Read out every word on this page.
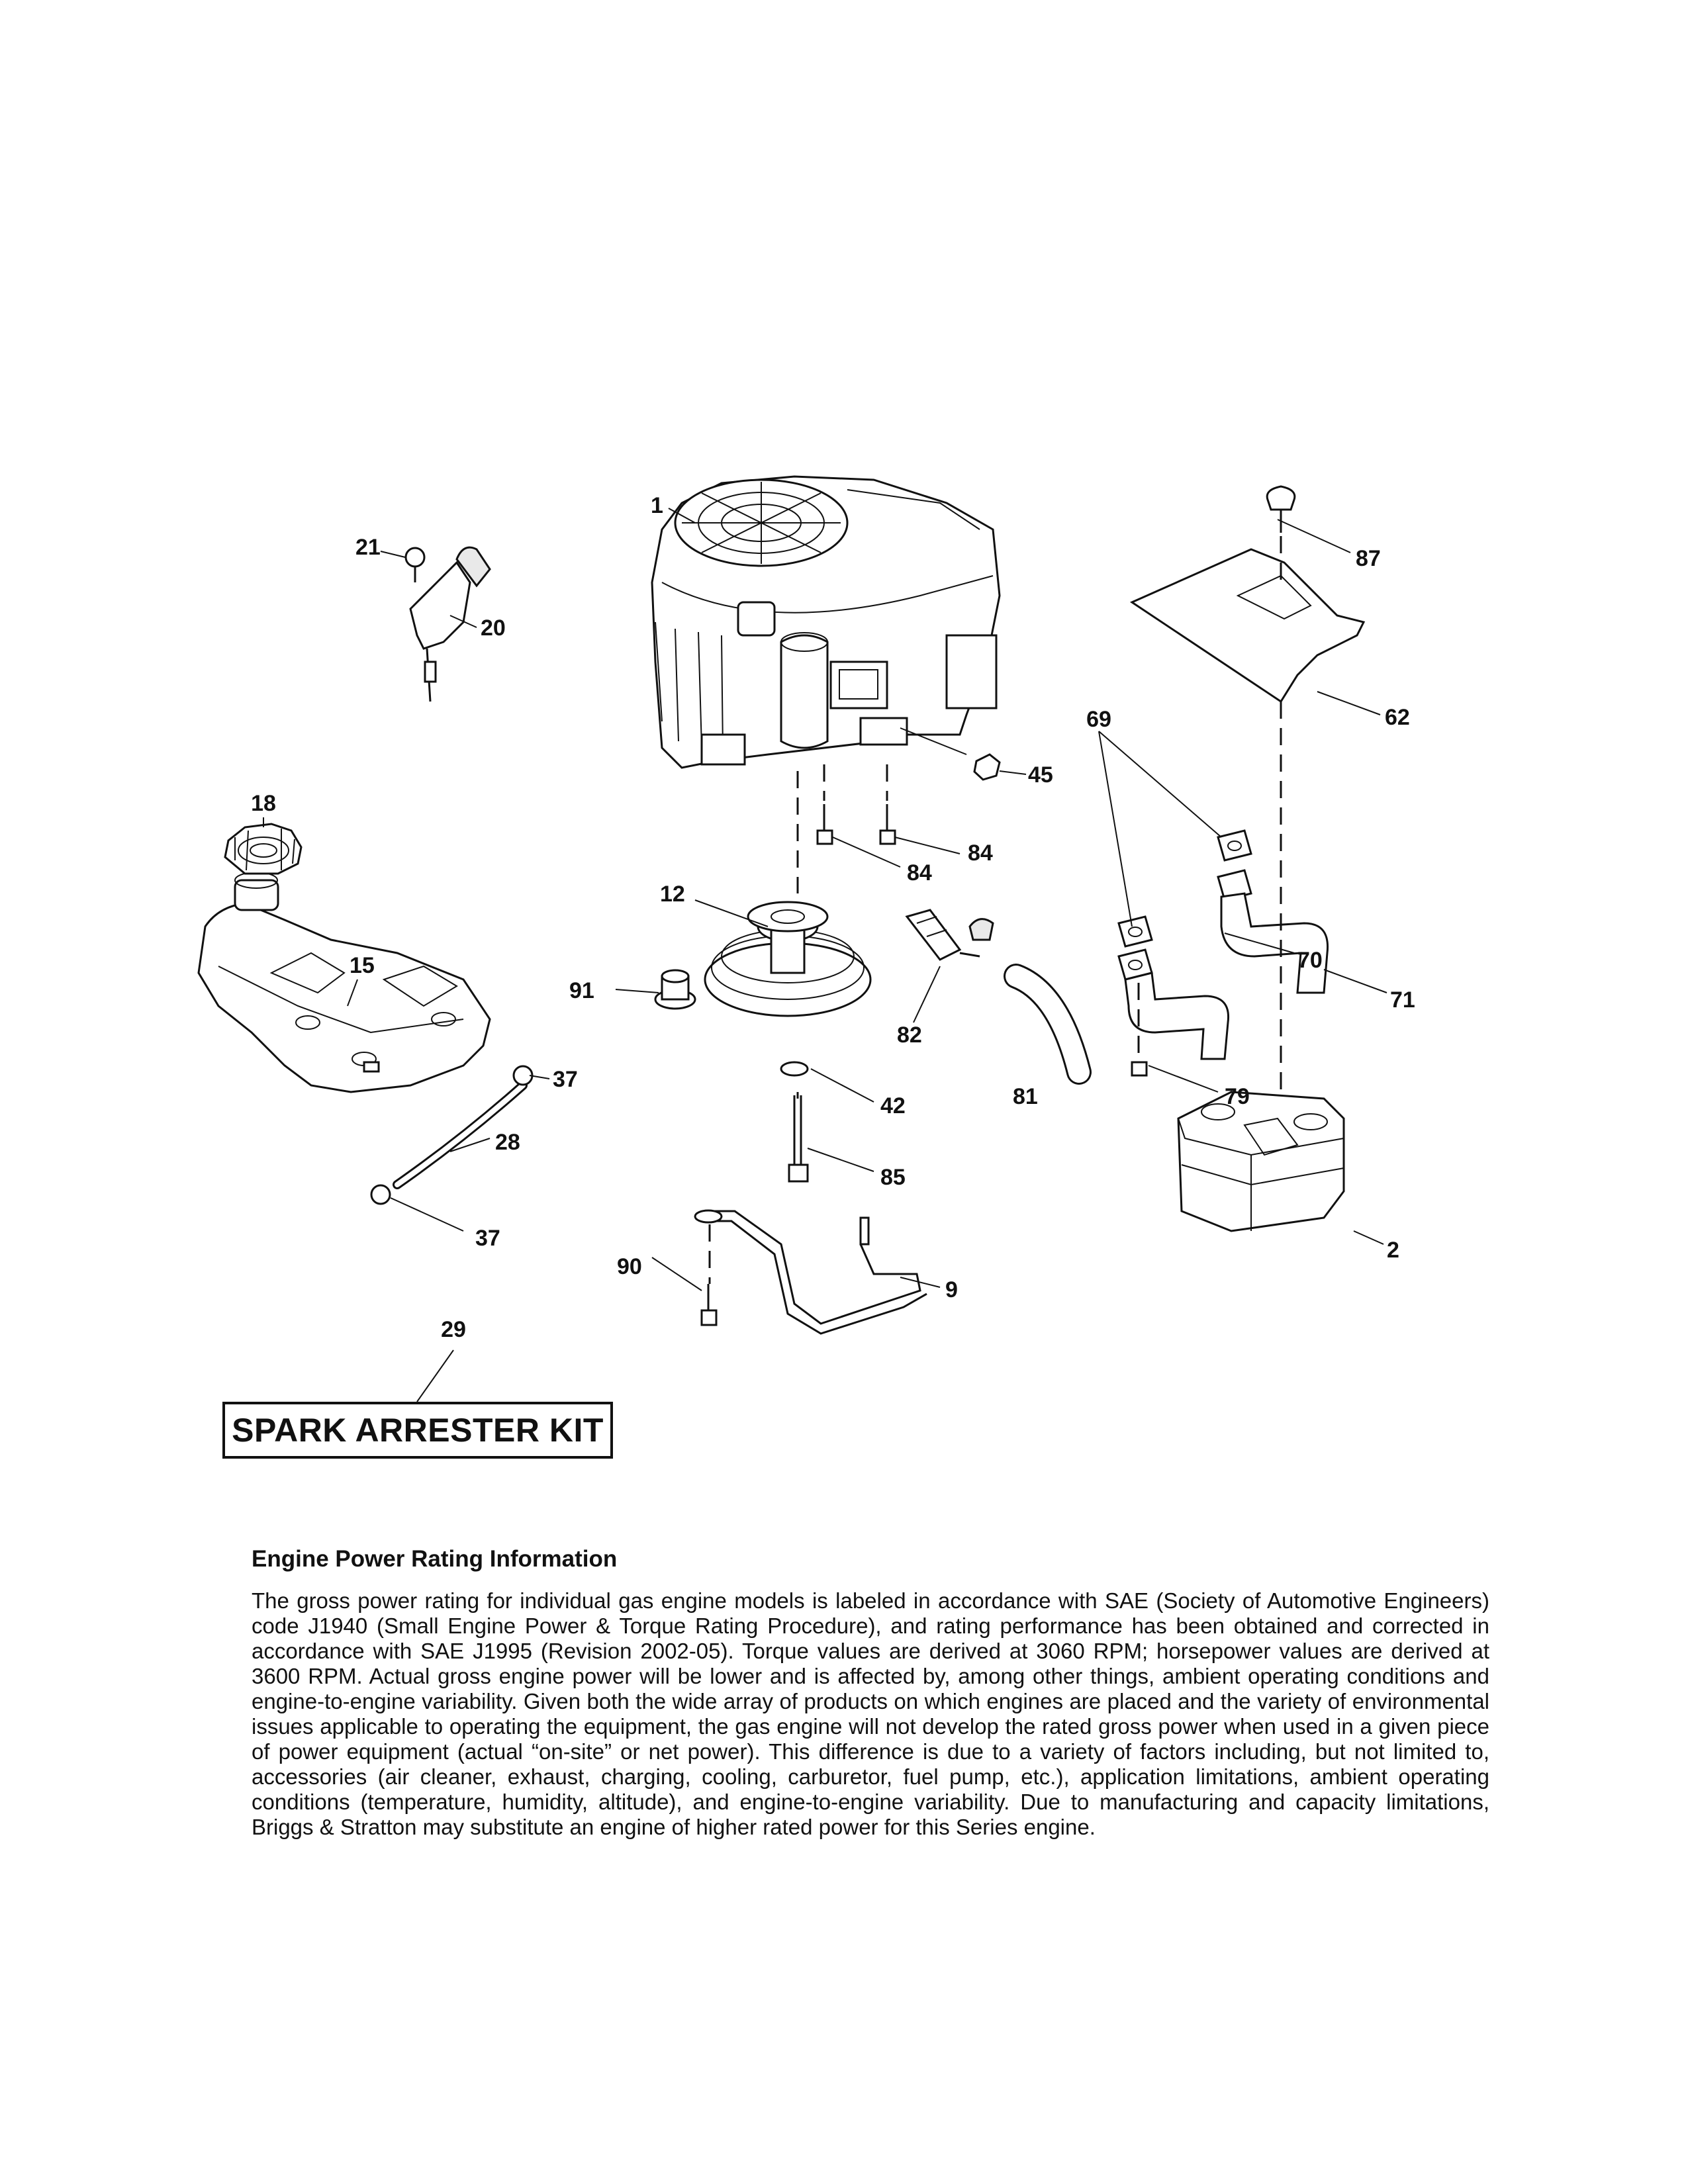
1
2
9
12
15
18
20
21
28
29
37
37
42
45
62
69
70
71
79
81
82
84
84
85
87
90
91
SPARK ARRESTER KIT

Engine Power Rating Information

The gross power rating for individual gas engine models is labeled in accordance with SAE (Society of Automotive Engineers) code J1940 (Small Engine Power & Torque Rating Procedure), and rating performance has been obtained and corrected in accordance with SAE J1995 (Revision 2002-05). Torque values are derived at 3060 RPM; horsepower values are derived at 3600 RPM. Actual gross engine power will be lower and is affected by, among other things, ambient operating conditions and engine-to-engine variability. Given both the wide array of products on which engines are placed and the variety of environmental issues applicable to operating the equipment, the gas engine will not develop the rated gross power when used in a given piece of power equipment (actual “on-site” or net power). This difference is due to a variety of factors including, but not limited to, accessories (air cleaner, exhaust, charging, cooling, carburetor, fuel pump, etc.), application limitations, ambient operating conditions (temperature, humidity, altitude), and engine-to-engine variability. Due to manufacturing and capacity limitations, Briggs & Stratton may substitute an engine of higher rated power for this Series engine.
